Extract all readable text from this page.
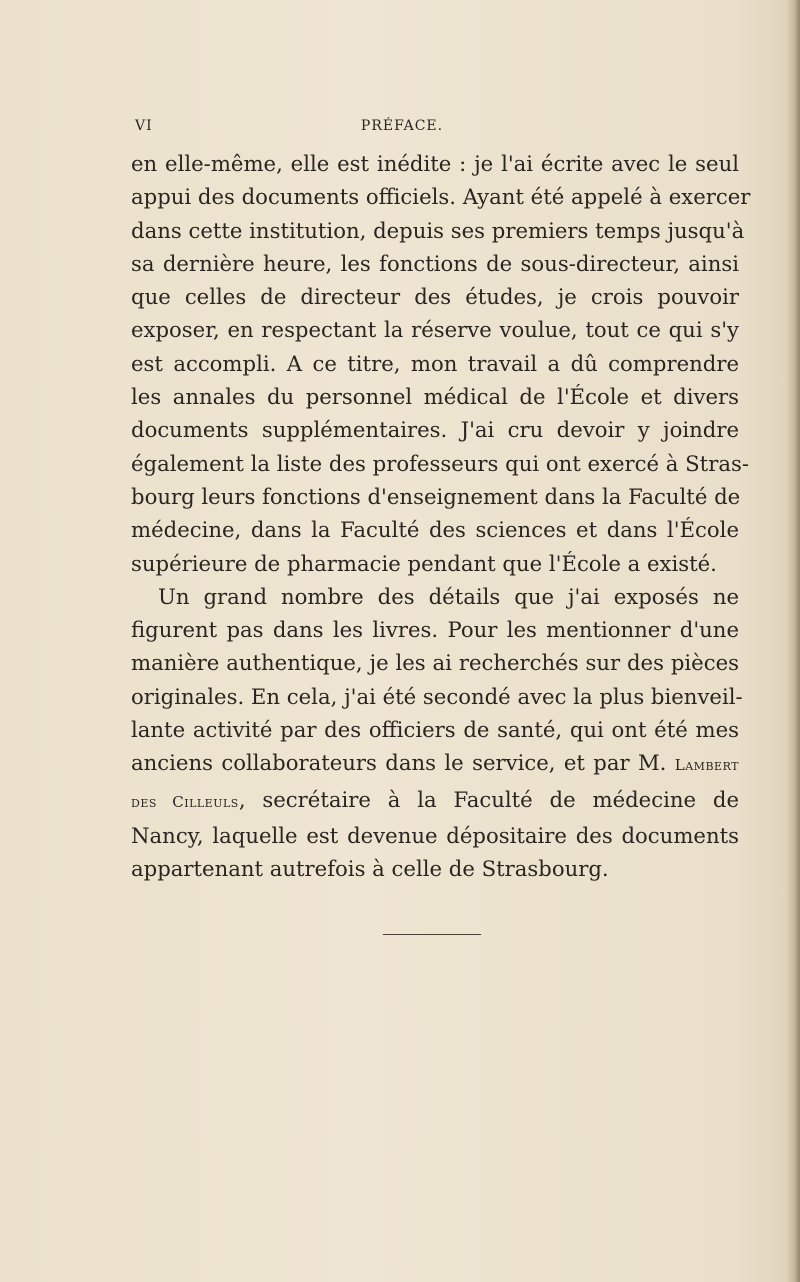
VI	PRÉFACE.
en elle-même, elle est inédite : je l'ai écrite avec le seul
appui des documents officiels. Ayant été appelé à exercer
dans cette institution, depuis ses premiers temps jusqu'à
sa dernière heure, les fonctions de sous-directeur, ainsi
que celles de directeur des études, je crois pouvoir
exposer, en respectant la réserve voulue, tout ce qui s'y
est accompli. A ce titre, mon travail a dû comprendre
les annales du personnel médical de l'École et divers
documents supplémentaires. J'ai cru devoir y joindre
également la liste des professeurs qui ont exercé à Stras-
bourg leurs fonctions d'enseignement dans la Faculté de
médecine, dans la Faculté des sciences et dans l'École
supérieure de pharmacie pendant que l'École a existé.
Un grand nombre des détails que j'ai exposés ne
figurent pas dans les livres. Pour les mentionner d'une
manière authentique, je les ai recherchés sur des pièces
originales. En cela, j'ai été secondé avec la plus bienveil-
lante activité par des officiers de santé, qui ont été mes
anciens collaborateurs dans le service, et par M. Lambert
des Cilleuls, secrétaire à la Faculté de médecine de
Nancy, laquelle est devenue dépositaire des documents
appartenant autrefois à celle de Strasbourg.
